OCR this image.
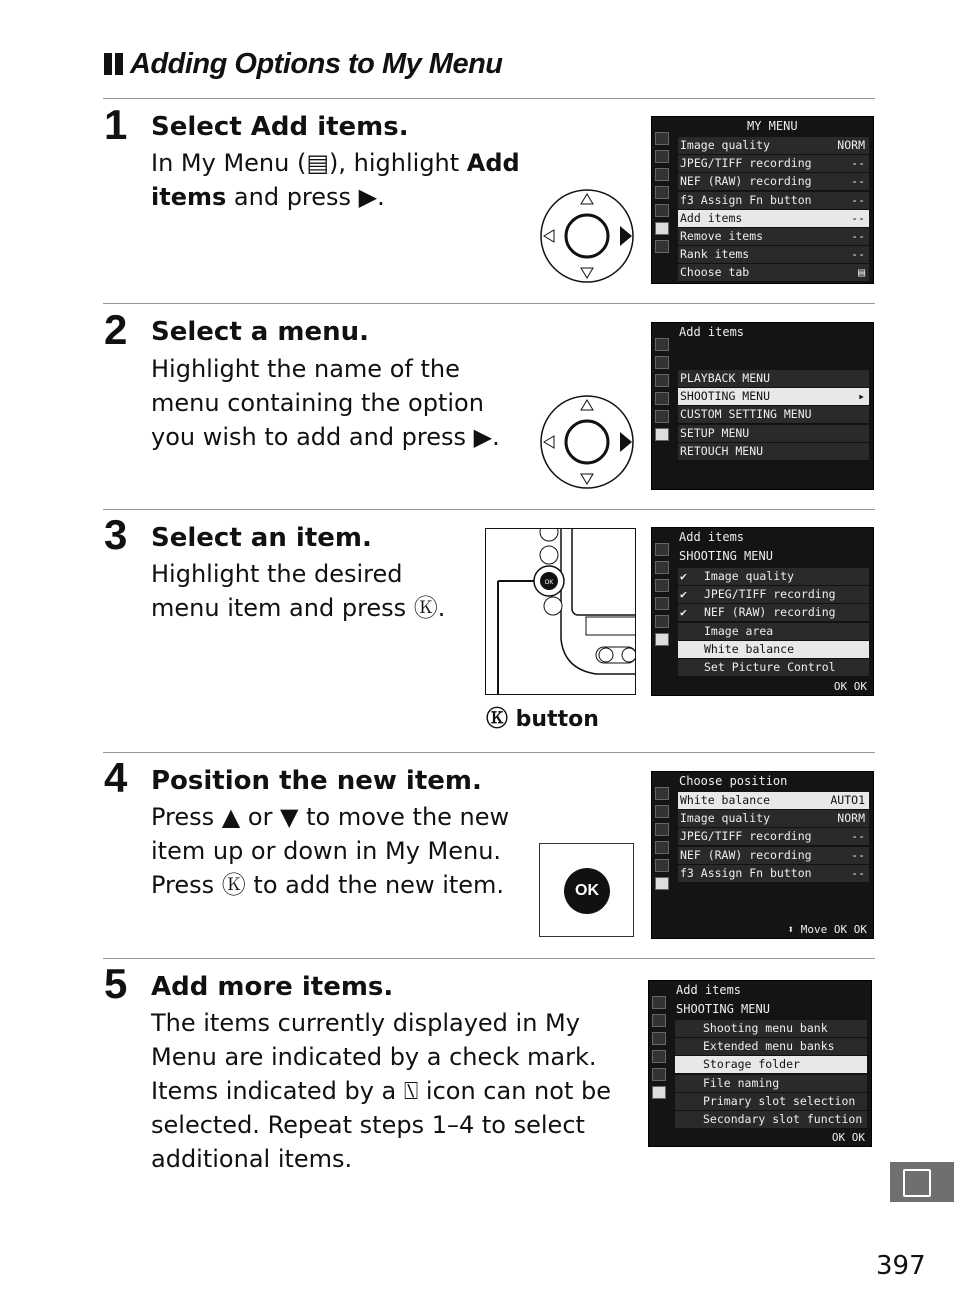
Adding Options to My Menu
1 Select Add items.
In My Menu (▤), highlight Add items and press ▶.
MY MENU
Image quality	NORM
JPEG/TIFF recording	--
NEF (RAW) recording	--
f3 Assign Fn button	--
Add items	--
Remove items	--
Rank items	--
Choose tab	▤
2 Select a menu.
Highlight the name of the
menu containing the option
you wish to add and press ▶.
Add items
PLAYBACK MENU
SHOOTING MENU	▸
CUSTOM SETTING MENU
SETUP MENU
RETOUCH MENU
3 Select an item.
Highlight the desired
menu item and press Ⓚ.
OK
Ⓚ button
Add items
SHOOTING MENU
✔ Image quality
✔ JPEG/TIFF recording
✔ NEF (RAW) recording
Image area
White balance
Set Picture Control
OK OK
4 Position the new item.
Press ▲ or ▼ to move the new
item up or down in My Menu.
Press Ⓚ to add the new item.	OK
Choose position
White balance	AUTO1
Image quality	NORM
JPEG/TIFF recording	--
NEF (RAW) recording	--
f3 Assign Fn button	--
⬍ Move OK OK
5 Add more items.
The items currently displayed in My
Menu are indicated by a check mark.
Items indicated by a ⍂ icon can not be
selected. Repeat steps 1–4 to select
additional items.
Add items
SHOOTING MENU
Shooting menu bank
Extended menu banks
Storage folder
File naming
Primary slot selection
Secondary slot function
OK OK
397
